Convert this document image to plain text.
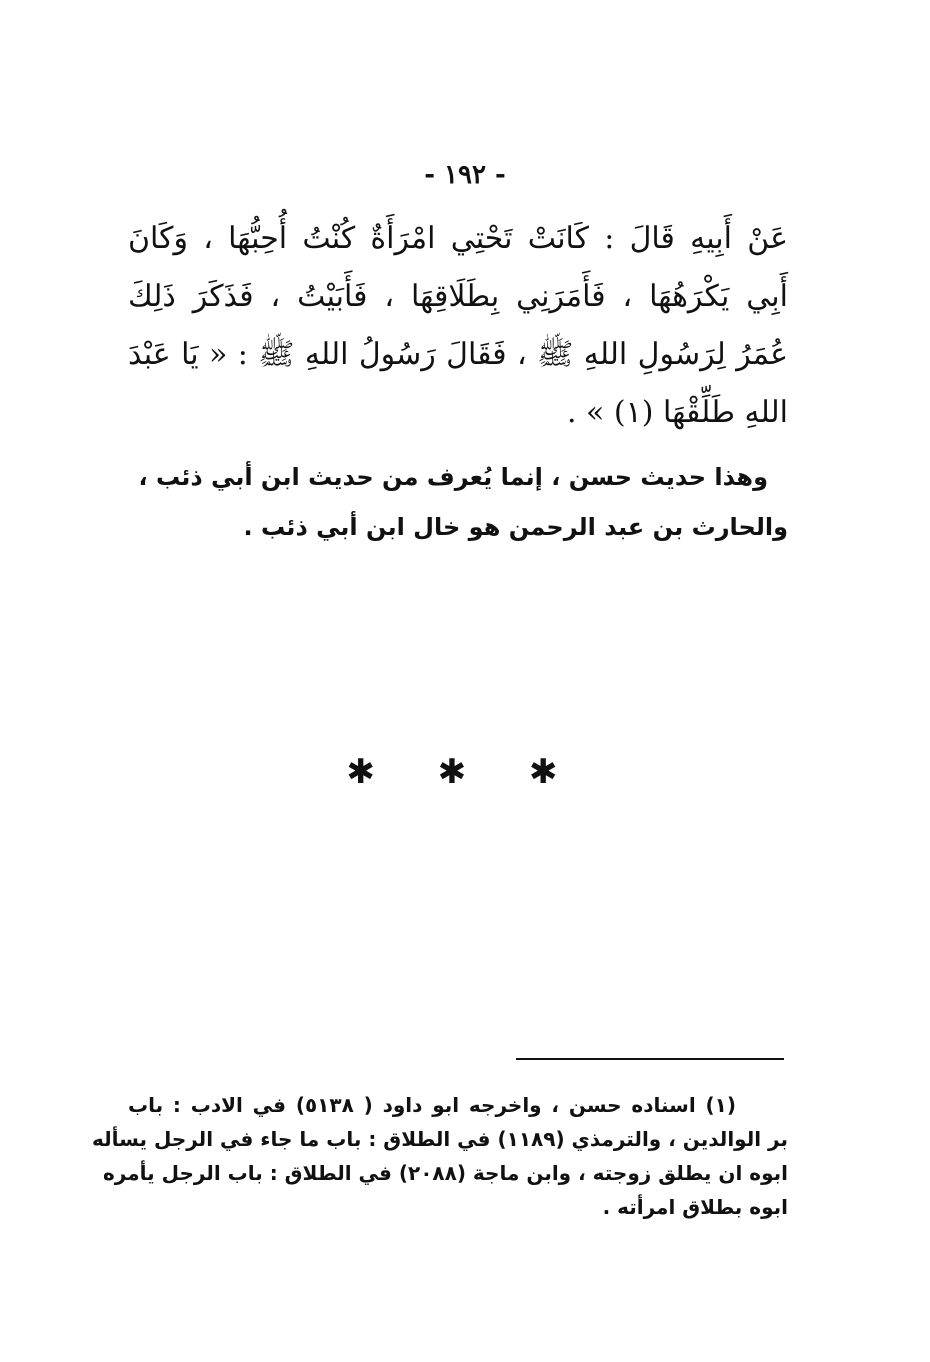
- ١٩٢ -
عَنْ أَبِيهِ قَالَ : كَانَتْ تَحْتِي امْرَأَةٌ كُنْتُ أُحِبُّهَا ، وَكَانَ
أَبِي يَكْرَهُهَا ، فَأَمَرَنِي بِطَلَاقِهَا ، فَأَبَيْتُ ، فَذَكَرَ ذَلِكَ
عُمَرُ لِرَسُولِ اللهِ ﷺ ، فَقَالَ رَسُولُ اللهِ ﷺ : « يَا عَبْدَ
اللهِ طَلِّقْهَا (١) » .
وهذا حديث حسن ، إنما يُعرف من حديث ابن أبي ذئب ،
والحارث بن عبد الرحمن هو خال ابن أبي ذئب .
✱ ✱ ✱
(١) اسناده حسن ، واخرجه ابو داود ( ٥١٣٨) في الادب : باب
بر الوالدين ، والترمذي (١١٨٩) في الطلاق : باب ما جاء في الرجل يسأله
ابوه ان يطلق زوجته ، وابن ماجة (٢٠٨٨) في الطلاق : باب الرجل يأمره
ابوه بطلاق امرأته .
